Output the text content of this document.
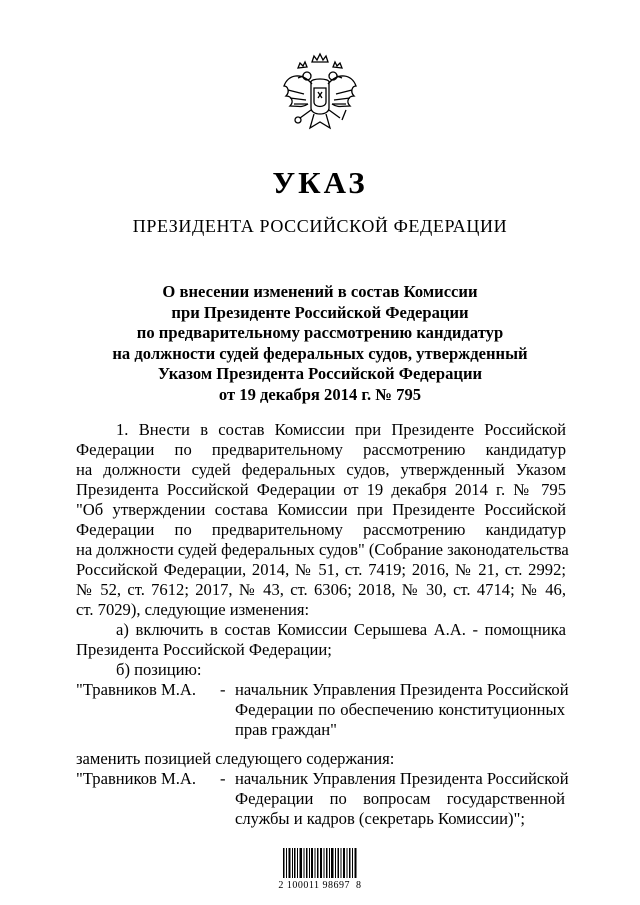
УКАЗ
ПРЕЗИДЕНТА РОССИЙСКОЙ ФЕДЕРАЦИИ
О внесении изменений в состав Комиссии
при Президенте Российской Федерации
по предварительному рассмотрению кандидатур
на должности судей федеральных судов, утвержденный
Указом Президента Российской Федерации
от 19 декабря 2014 г. № 795
1. Внести в состав Комиссии при Президенте Российской
Федерации по предварительному рассмотрению кандидатур
на должности судей федеральных судов, утвержденный Указом
Президента Российской Федерации от 19 декабря 2014 г. № 795
"Об утверждении состава Комиссии при Президенте Российской
Федерации по предварительному рассмотрению кандидатур
на должности судей федеральных судов" (Собрание законодательства
Российской Федерации, 2014, № 51, ст. 7419; 2016, № 21, ст. 2992;
№ 52, ст. 7612; 2017, № 43, ст. 6306; 2018, № 30, ст. 4714; № 46,
ст. 7029), следующие изменения:
а) включить в состав Комиссии Серышева А.А. - помощника
Президента Российской Федерации;
б) позицию:
"Травников М.А. - начальник Управления Президента Российской
Федерации по обеспечению конституционных
прав граждан"
заменить позицией следующего содержания:
"Травников М.А. - начальник Управления Президента Российской
Федерации по вопросам государственной
службы и кадров (секретарь Комиссии)";
2 100011 98697  8
